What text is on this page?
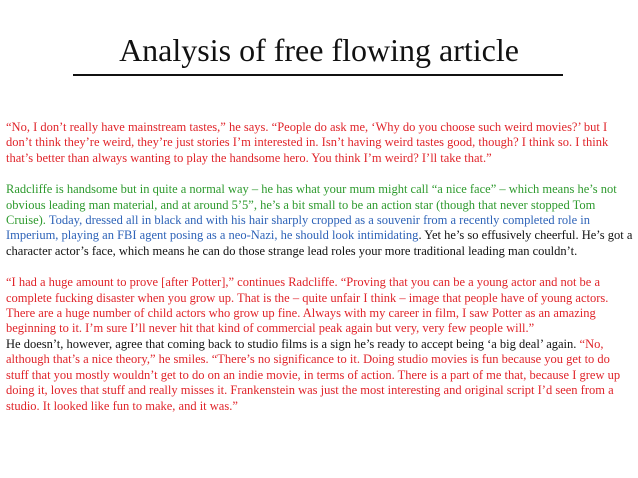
Analysis of free flowing article

“No, I don’t really have mainstream tastes,” he says. “People do ask me, ‘Why do you choose such weird movies?’ but I don’t think they’re weird, they’re just stories I’m interested in. Isn’t having weird tastes good, though? I think so. I think that’s better than always wanting to play the handsome hero. You think I’m weird? I’ll take that.”

Radcliffe is handsome but in quite a normal way – he has what your mum might call “a nice face” – which means he’s not obvious leading man material, and at around 5’5”, he’s a bit small to be an action star (though that never stopped Tom Cruise). Today, dressed all in black and with his hair sharply cropped as a souvenir from a recently completed role in Imperium, playing an FBI agent posing as a neo-Nazi, he should look intimidating. Yet he’s so effusively cheerful. He’s got a character actor’s face, which means he can do those strange lead roles your more traditional leading man couldn’t.

“I had a huge amount to prove [after Potter],” continues Radcliffe. “Proving that you can be a young actor and not be a complete fucking disaster when you grow up. That is the – quite unfair I think – image that people have of young actors. There are a huge number of child actors who grow up fine. Always with my career in film, I saw Potter as an amazing beginning to it. I’m sure I’ll never hit that kind of commercial peak again but very, very few people will.”

He doesn’t, however, agree that coming back to studio films is a sign he’s ready to accept being ‘a big deal’ again. “No, although that’s a nice theory,” he smiles. “There’s no significance to it. Doing studio movies is fun because you get to do stuff that you mostly wouldn’t get to do on an indie movie, in terms of action. There is a part of me that, because I grew up doing it, loves that stuff and really misses it. Frankenstein was just the most interesting and original script I’d seen from a studio. It looked like fun to make, and it was.”
